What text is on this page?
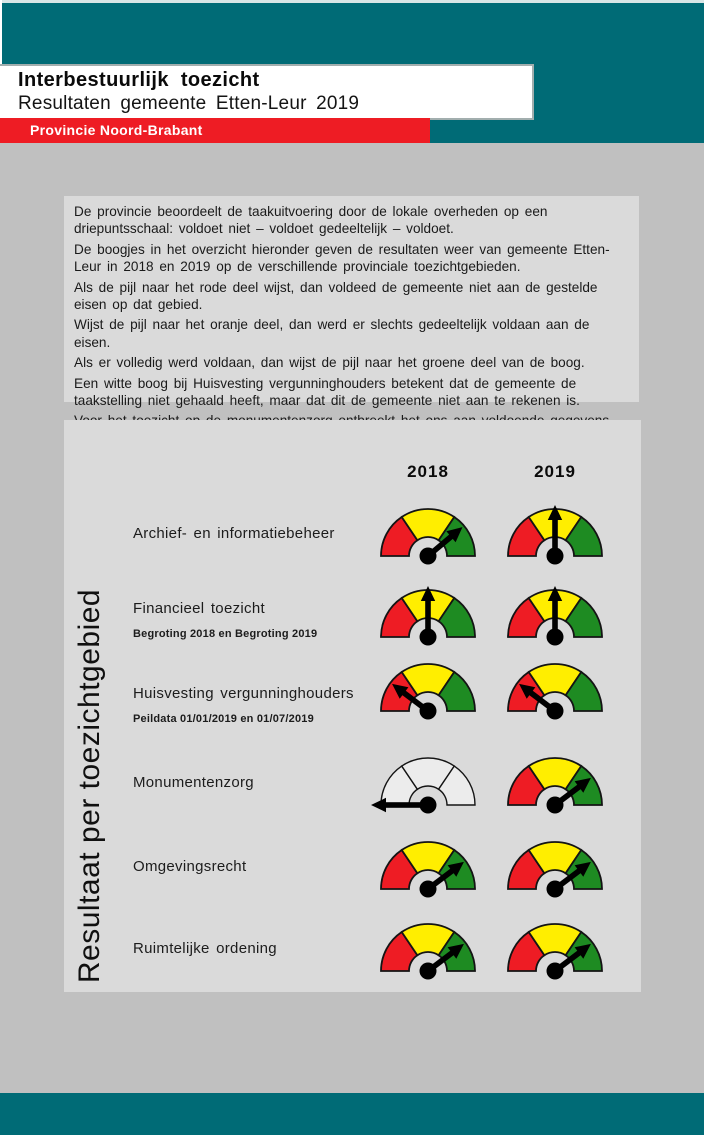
Interbestuurlijk toezicht
Resultaten gemeente Etten-Leur 2019
Provincie Noord-Brabant

De provincie beoordeelt de taakuitvoering door de lokale overheden op een driepuntsschaal: voldoet niet – voldoet gedeeltelijk – voldoet.

De boogjes in het overzicht hieronder geven de resultaten weer van gemeente Etten-Leur in 2018 en 2019 op de verschillende provinciale toezichtgebieden.

Als de pijl naar het rode deel wijst, dan voldeed de gemeente niet aan de gestelde eisen op dat gebied.

Wijst de pijl naar het oranje deel, dan werd er slechts gedeeltelijk voldaan aan de eisen.

Als er volledig werd voldaan, dan wijst de pijl naar het groene deel van de boog.

Een witte boog bij Huisvesting vergunninghouders betekent dat de gemeente de taakstelling niet gehaald heeft, maar dat dit de gemeente niet aan te rekenen is.

Resultaat per toezichtgebied
2018	2019
Archief- en informatiebeheer
Financieel toezicht
Begroting 2018 en Begroting 2019
Huisvesting vergunninghouders
Peildata 01/01/2019 en 01/07/2019
Monumentenzorg
Omgevingsrecht
Ruimtelijke ordening
